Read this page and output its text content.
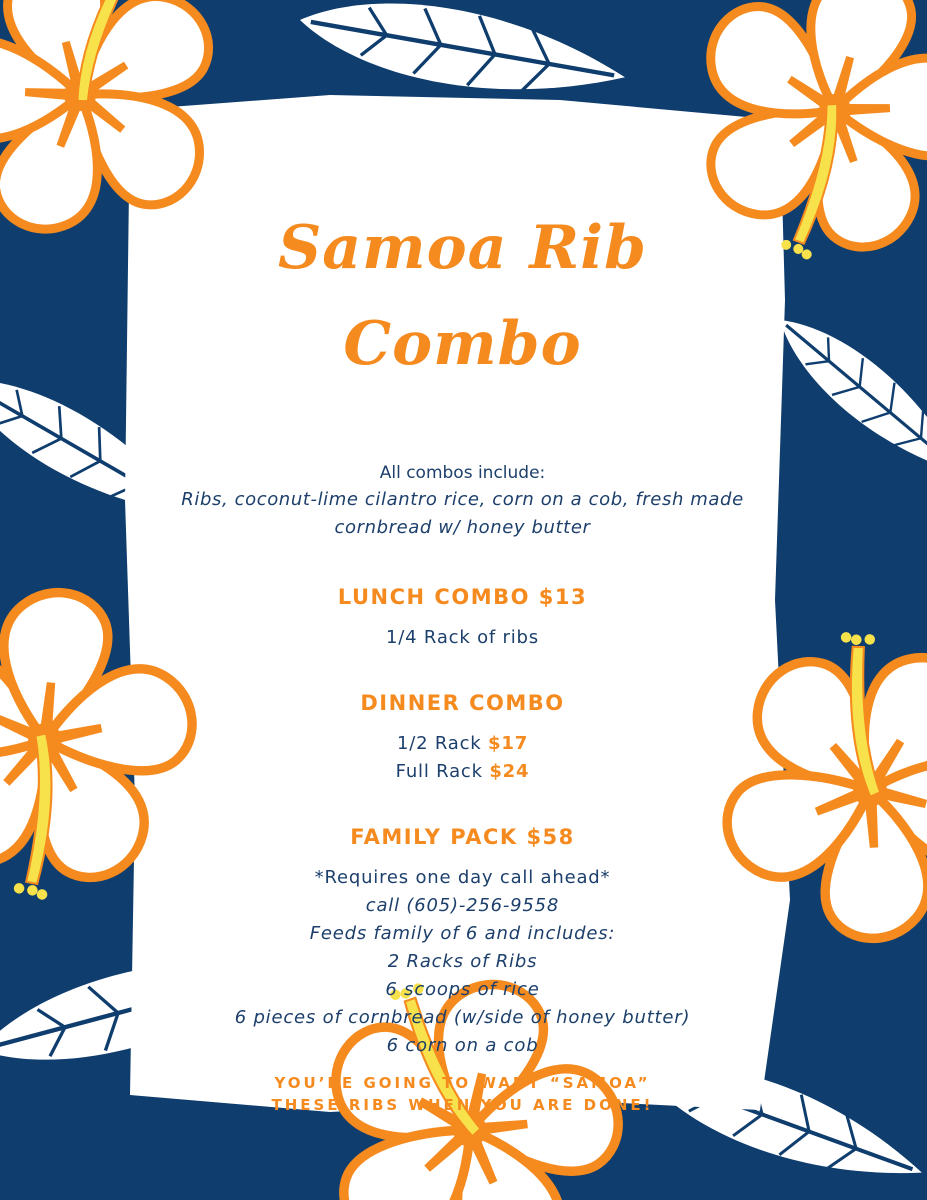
Samoa Rib Combo
All combos include:
Ribs, coconut-lime cilantro rice, corn on a cob, fresh made
cornbread w/ honey butter
LUNCH COMBO $13
1/4 Rack of ribs
DINNER COMBO
1/2 Rack $17
Full Rack $24
FAMILY PACK $58
*Requires one day call ahead*
call (605)-256-9558
Feeds family of 6 and includes:
2 Racks of Ribs
6 scoops of rice
6 pieces of cornbread (w/side of honey butter)
6 corn on a cob
YOU’RE GOING TO WANT “SAMOA”
THESE RIBS WHEN YOU ARE DONE!
